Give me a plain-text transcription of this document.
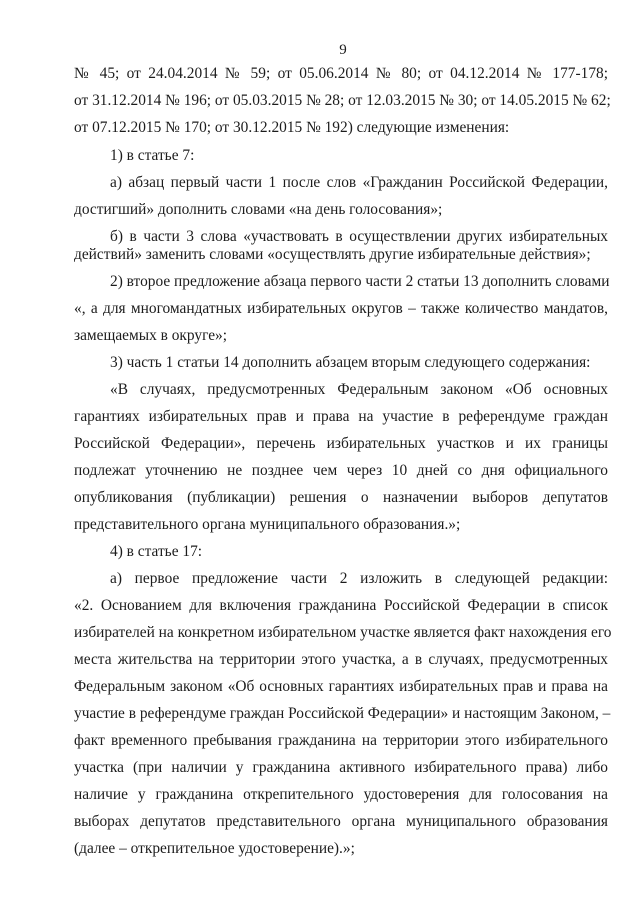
9
№ 45; от 24.04.2014 № 59; от 05.06.2014 № 80; от 04.12.2014 № 177-178;
от 31.12.2014 № 196; от 05.03.2015 № 28; от 12.03.2015 № 30; от 14.05.2015 № 62;
от 07.12.2015 № 170; от 30.12.2015 № 192) следующие изменения:
1) в статье 7:
а) абзац первый части 1 после слов «Гражданин Российской Федерации,
достигший» дополнить словами «на день голосования»;
б) в части 3 слова «участвовать в осуществлении других избирательных
действий» заменить словами «осуществлять другие избирательные действия»;
2) второе предложение абзаца первого части 2 статьи 13 дополнить словами
«, а для многомандатных избирательных округов – также количество мандатов,
замещаемых в округе»;
3) часть 1 статьи 14 дополнить абзацем вторым следующего содержания:
«В случаях, предусмотренных Федеральным законом «Об основных
гарантиях избирательных прав и права на участие в референдуме граждан
Российской Федерации», перечень избирательных участков и их границы
подлежат уточнению не позднее чем через 10 дней со дня официального
опубликования (публикации) решения о назначении выборов депутатов
представительного органа муниципального образования.»;
4) в статье 17:
а) первое предложение части 2 изложить в следующей редакции:
«2. Основанием для включения гражданина Российской Федерации в список
избирателей на конкретном избирательном участке является факт нахождения его
места жительства на территории этого участка, а в случаях, предусмотренных
Федеральным законом «Об основных гарантиях избирательных прав и права на
участие в референдуме граждан Российской Федерации» и настоящим Законом, –
факт временного пребывания гражданина на территории этого избирательного
участка (при наличии у гражданина активного избирательного права) либо
наличие у гражданина открепительного удостоверения для голосования на
выборах депутатов представительного органа муниципального образования
(далее – открепительное удостоверение).»;
